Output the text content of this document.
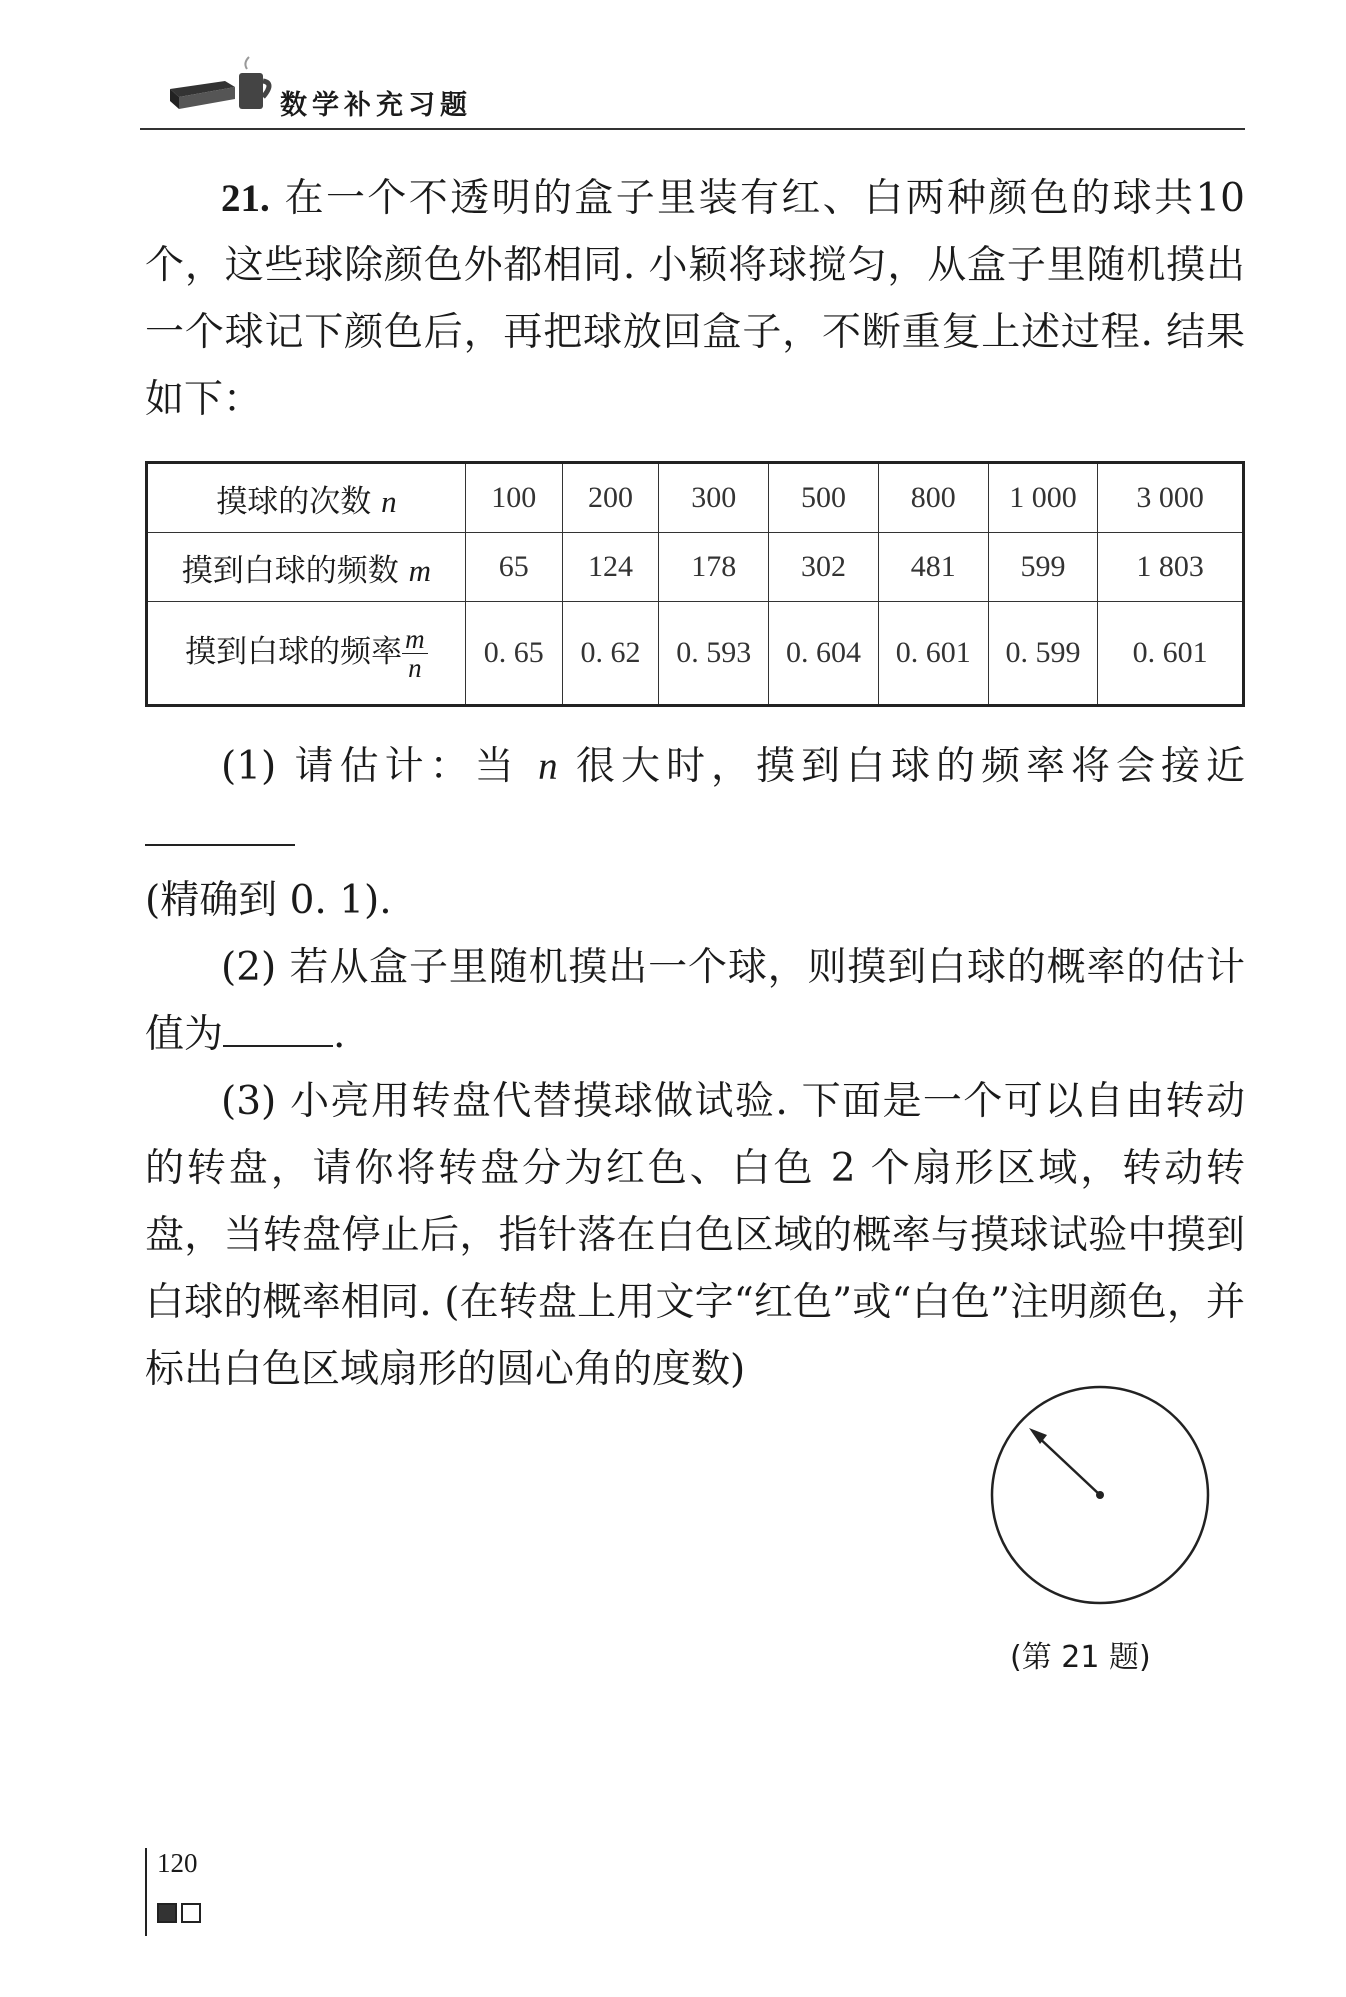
数学补充习题

21. 在一个不透明的盒子里装有红、白两种颜色的球共10个，这些球除颜色外都相同. 小颖将球搅匀，从盒子里随机摸出一个球记下颜色后，再把球放回盒子，不断重复上述过程. 结果如下：

摸球的次数 n	100	200	300	500	800	1 000	3 000
摸到白球的频数 m	65	124	178	302	481	599	1 803
摸到白球的频率 $\frac{m}{n}$	0. 65	0. 62	0. 593	0. 604	0. 601	0. 599	0. 601

(1) 请估计：当 n 很大时，摸到白球的频率将会接近

(精确到 0. 1).

(2) 若从盒子里随机摸出一个球，则摸到白球的概率的估计值为	.

(3) 小亮用转盘代替摸球做试验. 下面是一个可以自由转动的转盘，请你将转盘分为红色、白色 2 个扇形区域，转动转盘，当转盘停止后，指针落在白色区域的概率与摸球试验中摸到白球的概率相同. (在转盘上用文字“红色”或“白色”注明颜色，并标出白色区域扇形的圆心角的度数)

(第 21 题)
120
